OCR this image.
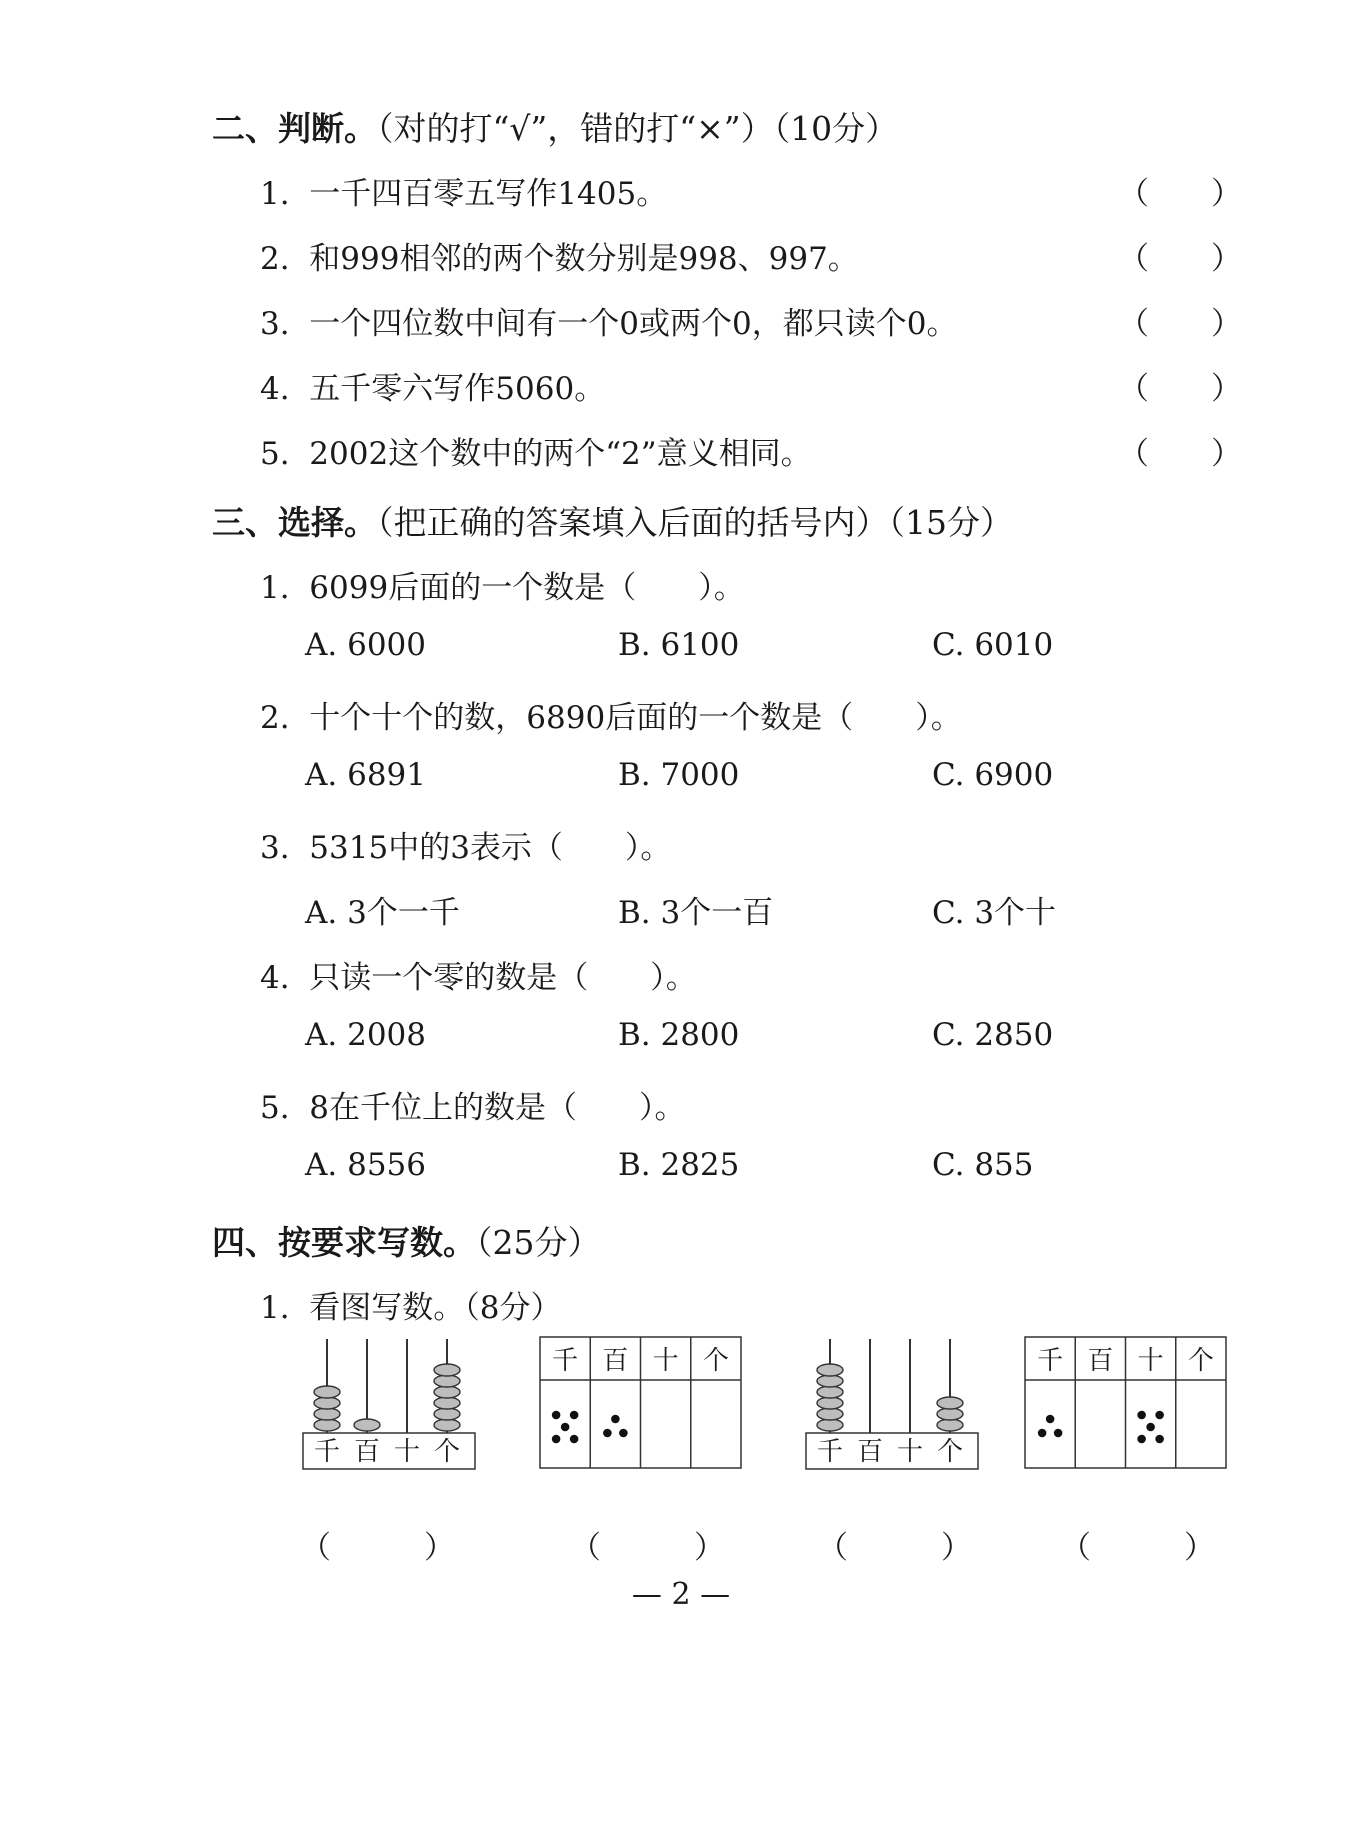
二、判断。（对的打“√”，错的打“×”）（10分）
1. 一千四百零五写作1405。	（　　）
2. 和999相邻的两个数分别是998、997。	（　　）
3. 一个四位数中间有一个0或两个0，都只读个0。	（　　）
4. 五千零六写作5060。	（　　）
5. 2002这个数中的两个“2”意义相同。	（　　）
三、选择。（把正确的答案填入后面的括号内）（15分）
1. 6099后面的一个数是（　　）。
A. 6000	B. 6100	C. 6010
2. 十个十个的数，6890后面的一个数是（　　）。
A. 6891	B. 7000	C. 6900
3. 5315中的3表示（　　）。
A. 3个一千	B. 3个一百	C. 3个十
4. 只读一个零的数是（　　）。
A. 2008	B. 2800	C. 2850
5. 8在千位上的数是（　　）。
A. 8556	B. 2825	C. 855
四、按要求写数。（25分）
1. 看图写数。（8分）
千 百 十 个
千 百 十 个
千 百 十 个
千 百 十 个
（　　　）	（　　　）	（　　　）	（　　　）
— 2 —
